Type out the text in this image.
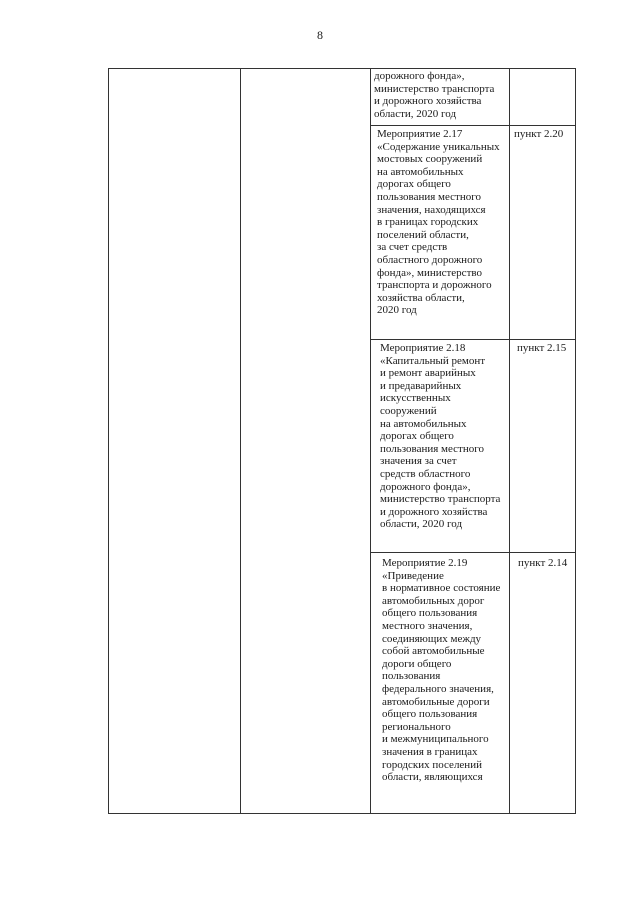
8
дорожного фонда»,
министерство транспорта
и дорожного хозяйства
области, 2020 год
Мероприятие 2.17
«Содержание уникальных
мостовых сооружений
на автомобильных
дорогах общего
пользования местного
значения, находящихся
в границах городских
поселений области,
за счет средств
областного дорожного
фонда», министерство
транспорта и дорожного
хозяйства области,
2020 год
пункт 2.20
Мероприятие 2.18
«Капитальный ремонт
и ремонт аварийных
и предаварийных
искусственных
сооружений
на автомобильных
дорогах общего
пользования местного
значения за счет
средств областного
дорожного фонда»,
министерство транспорта
и дорожного хозяйства
области, 2020 год
пункт 2.15
Мероприятие 2.19
«Приведение
в нормативное состояние
автомобильных дорог
общего пользования
местного значения,
соединяющих между
собой автомобильные
дороги общего
пользования
федерального значения,
автомобильные дороги
общего пользования
регионального
и межмуниципального
значения в границах
городских поселений
области, являющихся
пункт 2.14
